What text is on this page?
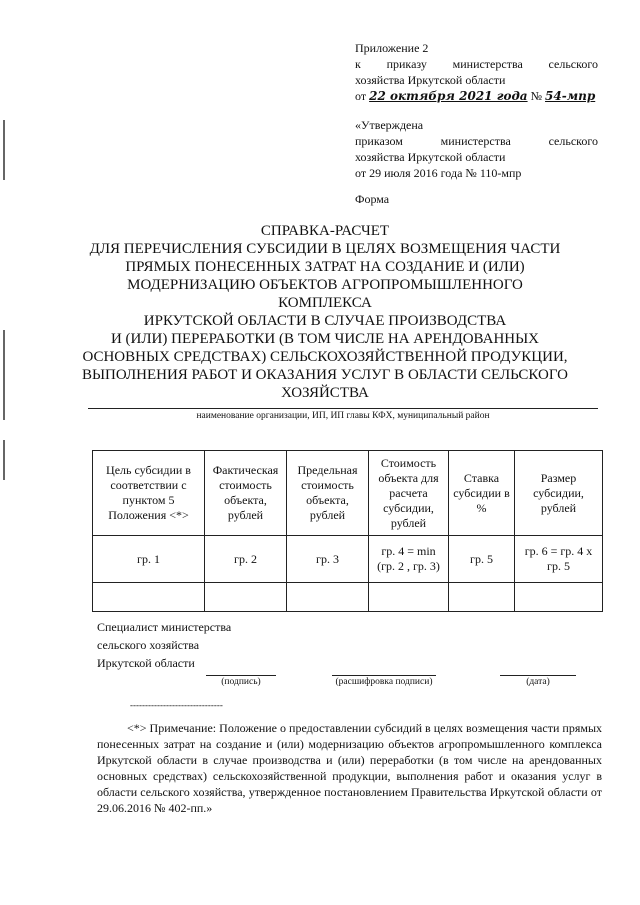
Приложение 2
к приказу министерства сельского
хозяйства Иркутской области
от 22 октября 2021 года № 54-мпр
«Утверждена
приказом	министерства	сельского
хозяйства Иркутской области
от 29 июля 2016 года № 110-мпр
Форма
СПРАВКА-РАСЧЕТ
ДЛЯ ПЕРЕЧИСЛЕНИЯ СУБСИДИИ В ЦЕЛЯХ ВОЗМЕЩЕНИЯ ЧАСТИ
ПРЯМЫХ ПОНЕСЕННЫХ ЗАТРАТ НА СОЗДАНИЕ И (ИЛИ)
МОДЕРНИЗАЦИЮ ОБЪЕКТОВ АГРОПРОМЫШЛЕННОГО КОМПЛЕКСА
ИРКУТСКОЙ ОБЛАСТИ В СЛУЧАЕ ПРОИЗВОДСТВА
И (ИЛИ) ПЕРЕРАБОТКИ (В ТОМ ЧИСЛЕ НА АРЕНДОВАННЫХ
ОСНОВНЫХ СРЕДСТВАХ) СЕЛЬСКОХОЗЯЙСТВЕННОЙ ПРОДУКЦИИ,
ВЫПОЛНЕНИЯ РАБОТ И ОКАЗАНИЯ УСЛУГ В ОБЛАСТИ СЕЛЬСКОГО
ХОЗЯЙСТВА
наименование организации, ИП, ИП главы КФХ, муниципальный район
Цель субсидии в соответствии с пунктом 5 Положения <*>	Фактическая стоимость объекта, рублей	Предельная стоимость объекта, рублей	Стоимость объекта для расчета субсидии, рублей	Ставка субсидии в %	Размер субсидии, рублей
гр. 1	гр. 2	гр. 3	гр. 4 = min (гр. 2 , гр. 3)	гр. 5	гр. 6 = гр. 4 x гр. 5

Специалист министерства
сельского хозяйства
Иркутской области
(подпись)	(расшифровка подписи)	(дата)
-------------------------------
<*> Примечание: Положение о предоставлении субсидий в целях возмещения части прямых понесенных затрат на создание и (или) модернизацию объектов агропромышленного комплекса Иркутской области в случае производства и (или) переработки (в том числе на арендованных основных средствах) сельскохозяйственной продукции, выполнения работ и оказания услуг в области сельского хозяйства, утвержденное постановлением Правительства Иркутской области от 29.06.2016 № 402-пп.»
